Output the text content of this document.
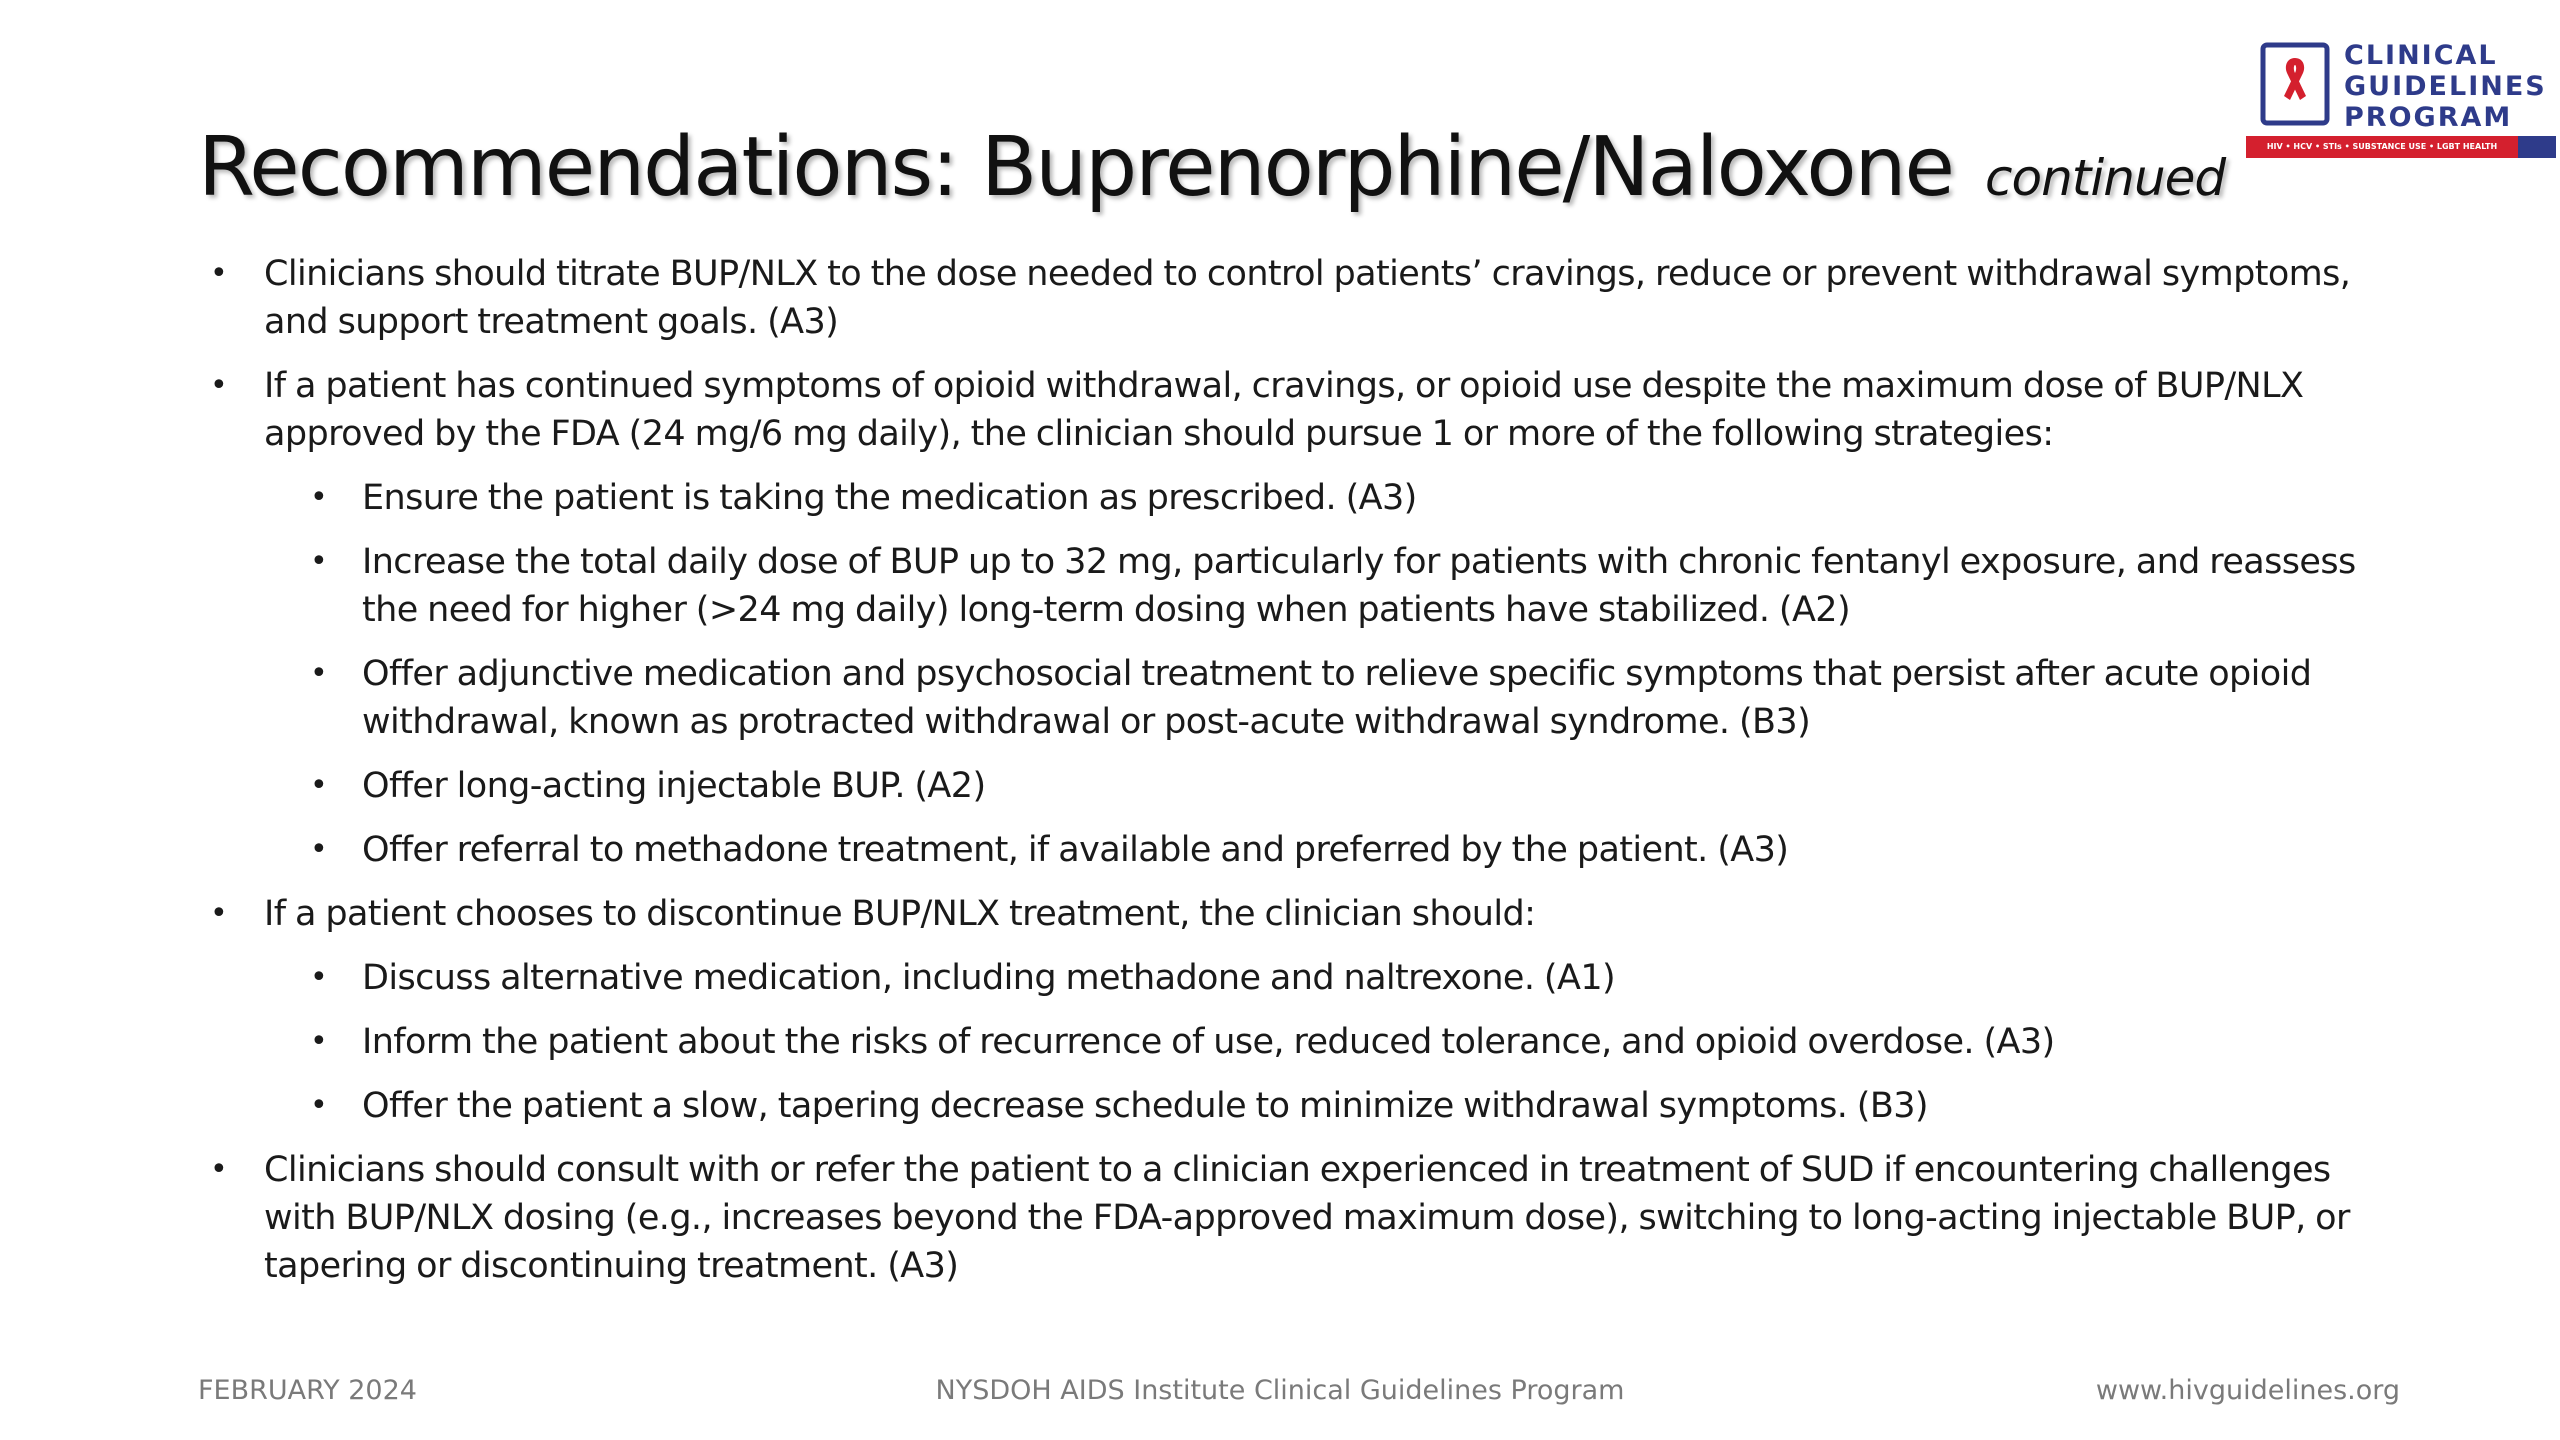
Recommendations: Buprenorphine/Naloxone continued
CLINICAL
GUIDELINES
PROGRAM
HIV • HCV • STIs • SUBSTANCE USE • LGBT HEALTH
• Clinicians should titrate BUP/NLX to the dose needed to control patients’ cravings, reduce or prevent withdrawal symptoms, and support treatment goals. (A3)
• If a patient has continued symptoms of opioid withdrawal, cravings, or opioid use despite the maximum dose of BUP/NLX approved by the FDA (24 mg/6 mg daily), the clinician should pursue 1 or more of the following strategies:
• Ensure the patient is taking the medication as prescribed. (A3)
• Increase the total daily dose of BUP up to 32 mg, particularly for patients with chronic fentanyl exposure, and reassess the need for higher (>24 mg daily) long-term dosing when patients have stabilized. (A2)
• Offer adjunctive medication and psychosocial treatment to relieve specific symptoms that persist after acute opioid withdrawal, known as protracted withdrawal or post-acute withdrawal syndrome. (B3)
• Offer long-acting injectable BUP. (A2)
• Offer referral to methadone treatment, if available and preferred by the patient. (A3)
• If a patient chooses to discontinue BUP/NLX treatment, the clinician should:
• Discuss alternative medication, including methadone and naltrexone. (A1)
• Inform the patient about the risks of recurrence of use, reduced tolerance, and opioid overdose. (A3)
• Offer the patient a slow, tapering decrease schedule to minimize withdrawal symptoms. (B3)
• Clinicians should consult with or refer the patient to a clinician experienced in treatment of SUD if encountering challenges with BUP/NLX dosing (e.g., increases beyond the FDA-approved maximum dose), switching to long-acting injectable BUP, or tapering or discontinuing treatment. (A3)
FEBRUARY 2024	NYSDOH AIDS Institute Clinical Guidelines Program	www.hivguidelines.org
